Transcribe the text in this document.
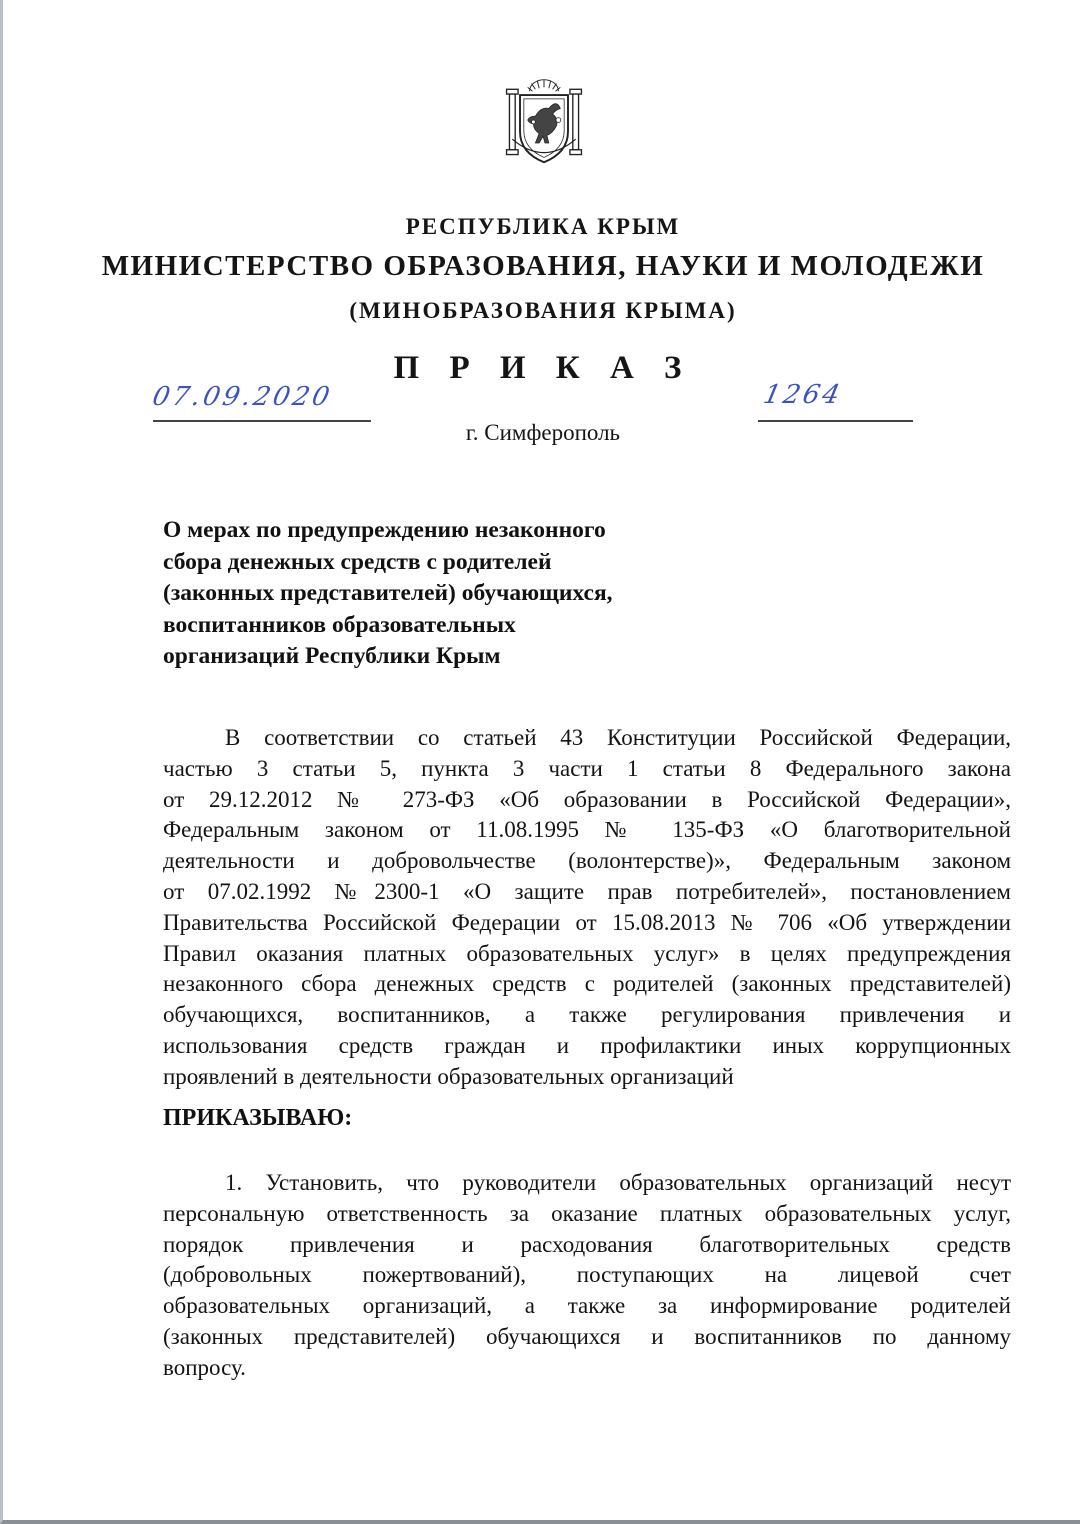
РЕСПУБЛИКА КРЫМ
МИНИСТЕРСТВО ОБРАЗОВАНИЯ, НАУКИ И МОЛОДЕЖИ
(МИНОБРАЗОВАНИЯ КРЫМА)
П Р И К А З
07.09.2020	1264
г. Симферополь
О мерах по предупреждению незаконного
сбора денежных средств с родителей
(законных представителей) обучающихся,
воспитанников образовательных
организаций Республики Крым
В соответствии со статьей 43 Конституции Российской Федерации,
частью 3 статьи 5, пункта 3 части 1 статьи 8 Федерального закона
от 29.12.2012 № 273-ФЗ «Об образовании в Российской Федерации»,
Федеральным законом от 11.08.1995 № 135-ФЗ «О благотворительной
деятельности и добровольчестве (волонтерстве)», Федеральным законом
от 07.02.1992 №2300-1 «О защите прав потребителей», постановлением
Правительства Российской Федерации от 15.08.2013 № 706 «Об утверждении
Правил оказания платных образовательных услуг» в целях предупреждения
незаконного сбора денежных средств с родителей (законных представителей)
обучающихся, воспитанников, а также регулирования привлечения и
использования средств граждан и профилактики иных коррупционных
проявлений в деятельности образовательных организаций
ПРИКАЗЫВАЮ:
1. Установить, что руководители образовательных организаций несут
персональную ответственность за оказание платных образовательных услуг,
порядок привлечения и расходования благотворительных средств
(добровольных пожертвований), поступающих на лицевой счет
образовательных организаций, а также за информирование родителей
(законных представителей) обучающихся и воспитанников по данному
вопросу.
